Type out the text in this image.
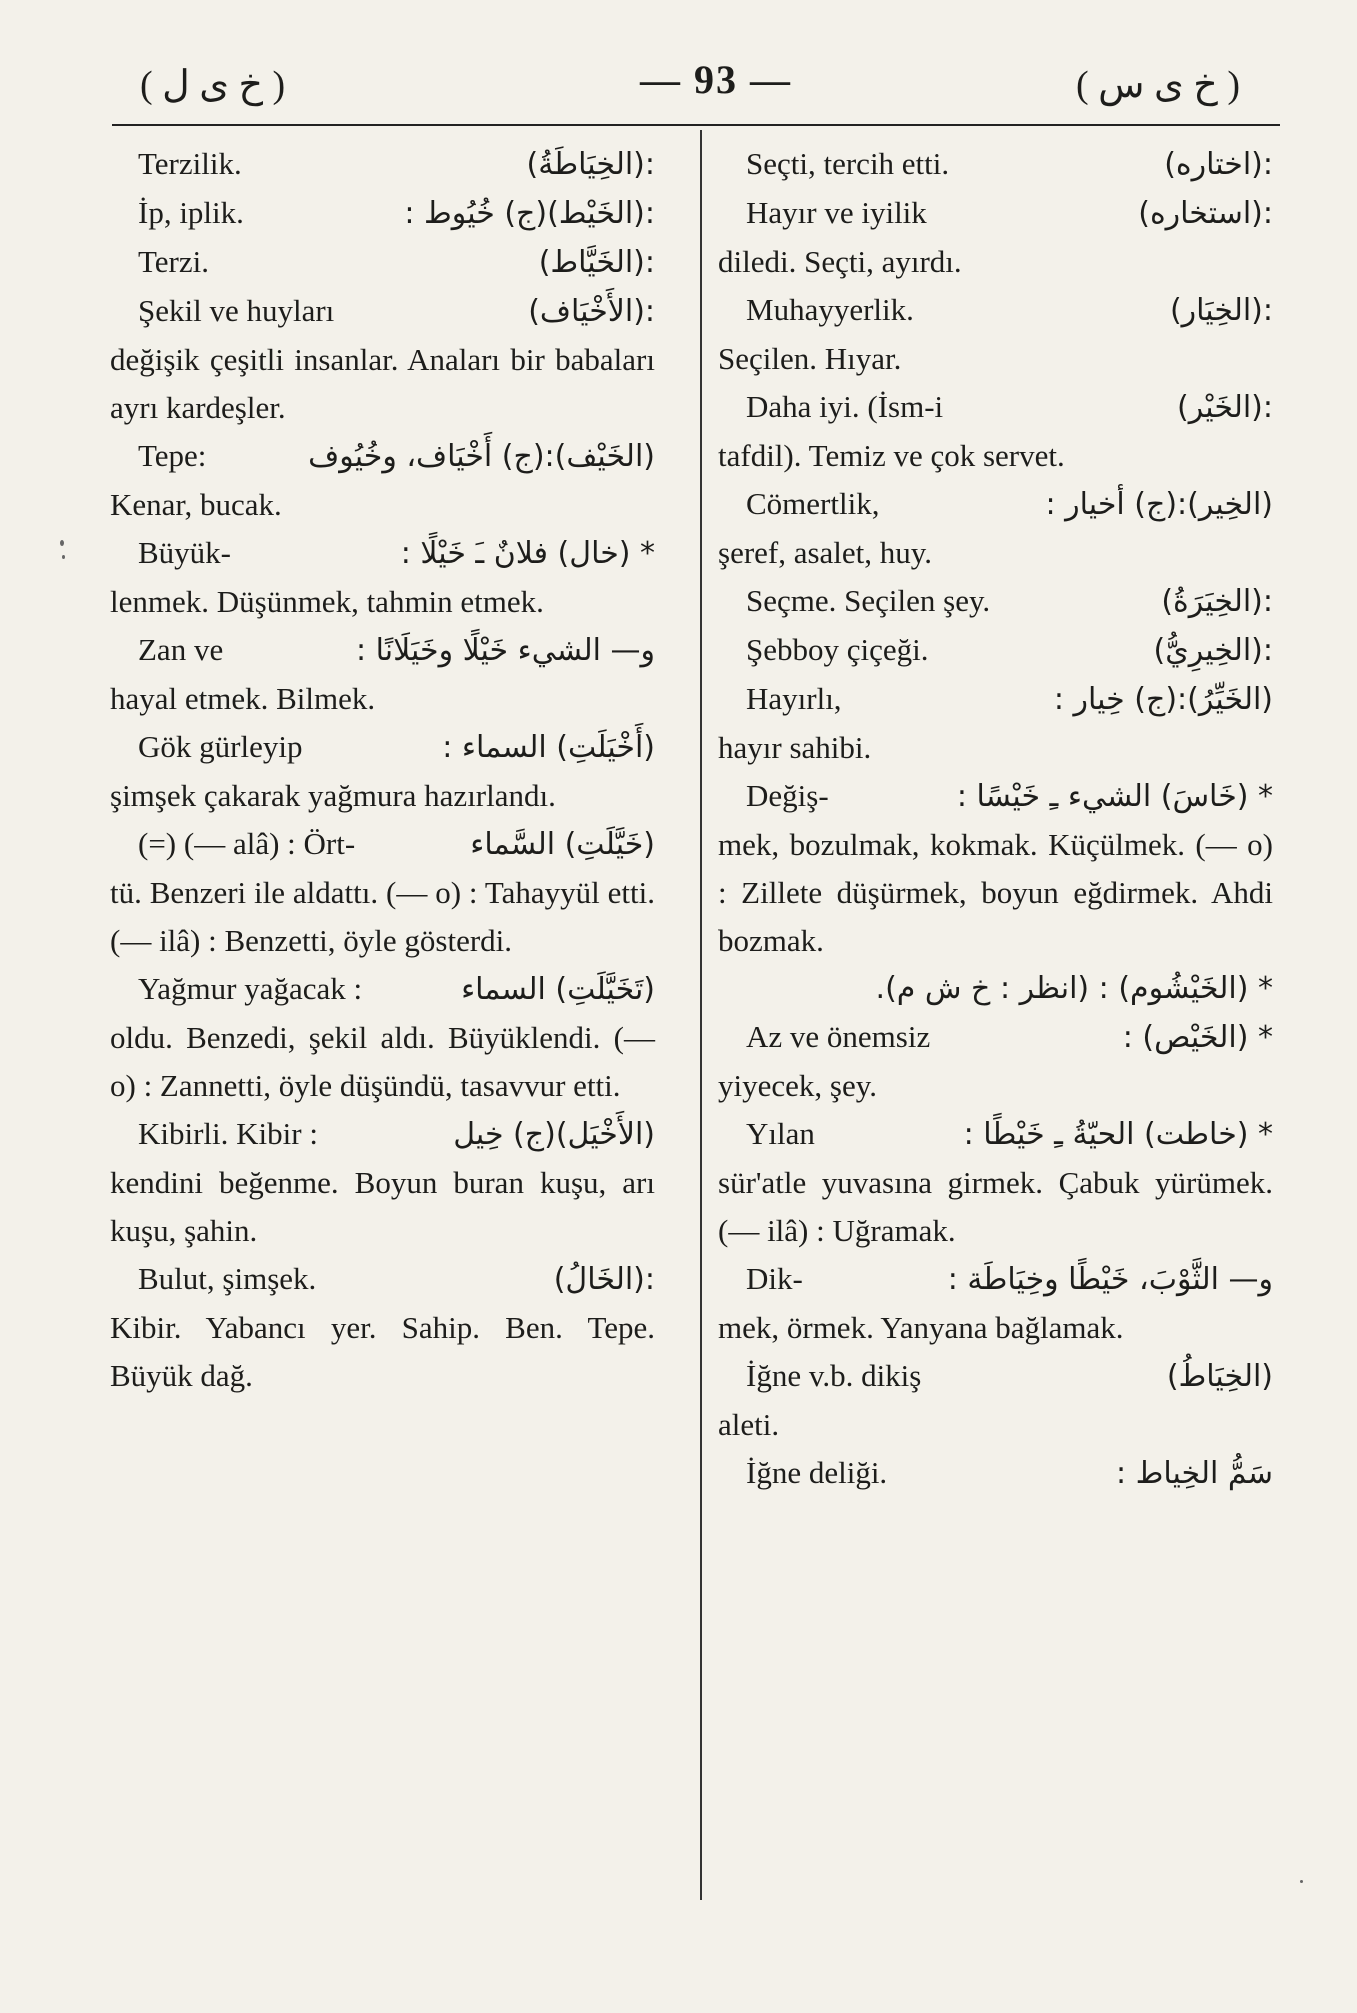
( خ ى ل )	— 93 —	( خ ى س )
Terzilik.	:(الخِيَاطَةُ)
İp, iplik.	:(الخَيْط)(ج) خُيُوط :
Terzi.	:(الخَيَّاط)
Şekil ve huyları	:(الأَخْيَاف)
değişik çeşitli insanlar. Anaları bir babaları ayrı kardeşler.
Tepe:	(الخَيْف):(ج) أَخْيَاف، وخُيُوف
Kenar, bucak.
Büyük-	* (خال) فلانٌ ـَ خَيْلًا :
lenmek. Düşünmek, tahmin etmek.
Zan ve	و— الشيء خَيْلًا وخَيَلَانًا :
hayal etmek. Bilmek.
Gök gürleyip	(أَخْيَلَتِ) السماء :
şimşek çakarak yağmura hazırlandı.
(=) (— alâ) : Ört-	(خَيَّلَتِ) السَّماء
tü. Benzeri ile aldattı. (— o) : Tahayyül etti. (— ilâ) : Benzetti, öyle gösterdi.
Yağmur yağacak :	(تَخَيَّلَتِ) السماء
oldu. Benzedi, şekil aldı. Büyüklendi. (— o) : Zannetti, öyle düşündü, tasavvur etti.
Kibirli. Kibir :	(الأَخْيَل)(ج) خِيل
kendini beğenme. Boyun buran kuşu, arı kuşu, şahin.
Bulut, şimşek.	:(الخَالُ)
Kibir. Yabancı yer. Sahip. Ben. Tepe. Büyük dağ.
Seçti, tercih etti.	:(اختاره)
Hayır ve iyilik	:(استخاره)
diledi. Seçti, ayırdı.
Muhayyerlik.	:(الخِيَار)
Seçilen. Hıyar.
Daha iyi. (İsm-i	:(الخَيْر)
tafdil). Temiz ve çok servet.
Cömertlik,	(الخِير):(ج) أخيار :
şeref, asalet, huy.
Seçme. Seçilen şey.	:(الخِيَرَةُ)
Şebboy çiçeği.	:(الخِيرِيُّ)
Hayırlı,	(الخَيِّرُ):(ج) خِيار :
hayır sahibi.
Değiş-	* (خَاسَ) الشيء ـِ خَيْسًا :
mek, bozulmak, kokmak. Küçülmek. (— o) : Zillete düşürmek, boyun eğdirmek. Ahdi bozmak.
* (الخَيْشُوم) : (انظر : خ ش م).
Az ve önemsiz	* (الخَيْص) :
yiyecek, şey.
Yılan	* (خاطت) الحيّةُ ـِ خَيْطًا :
sür'atle yuvasına girmek. Çabuk yürümek. (— ilâ) : Uğramak.
Dik-	و— الثَّوْبَ، خَيْطًا وخِيَاطَة :
mek, örmek. Yanyana bağlamak.
İğne v.b. dikiş	(الخِيَاطُ)
aleti.
İğne deliği.	سَمُّ الخِياط :
